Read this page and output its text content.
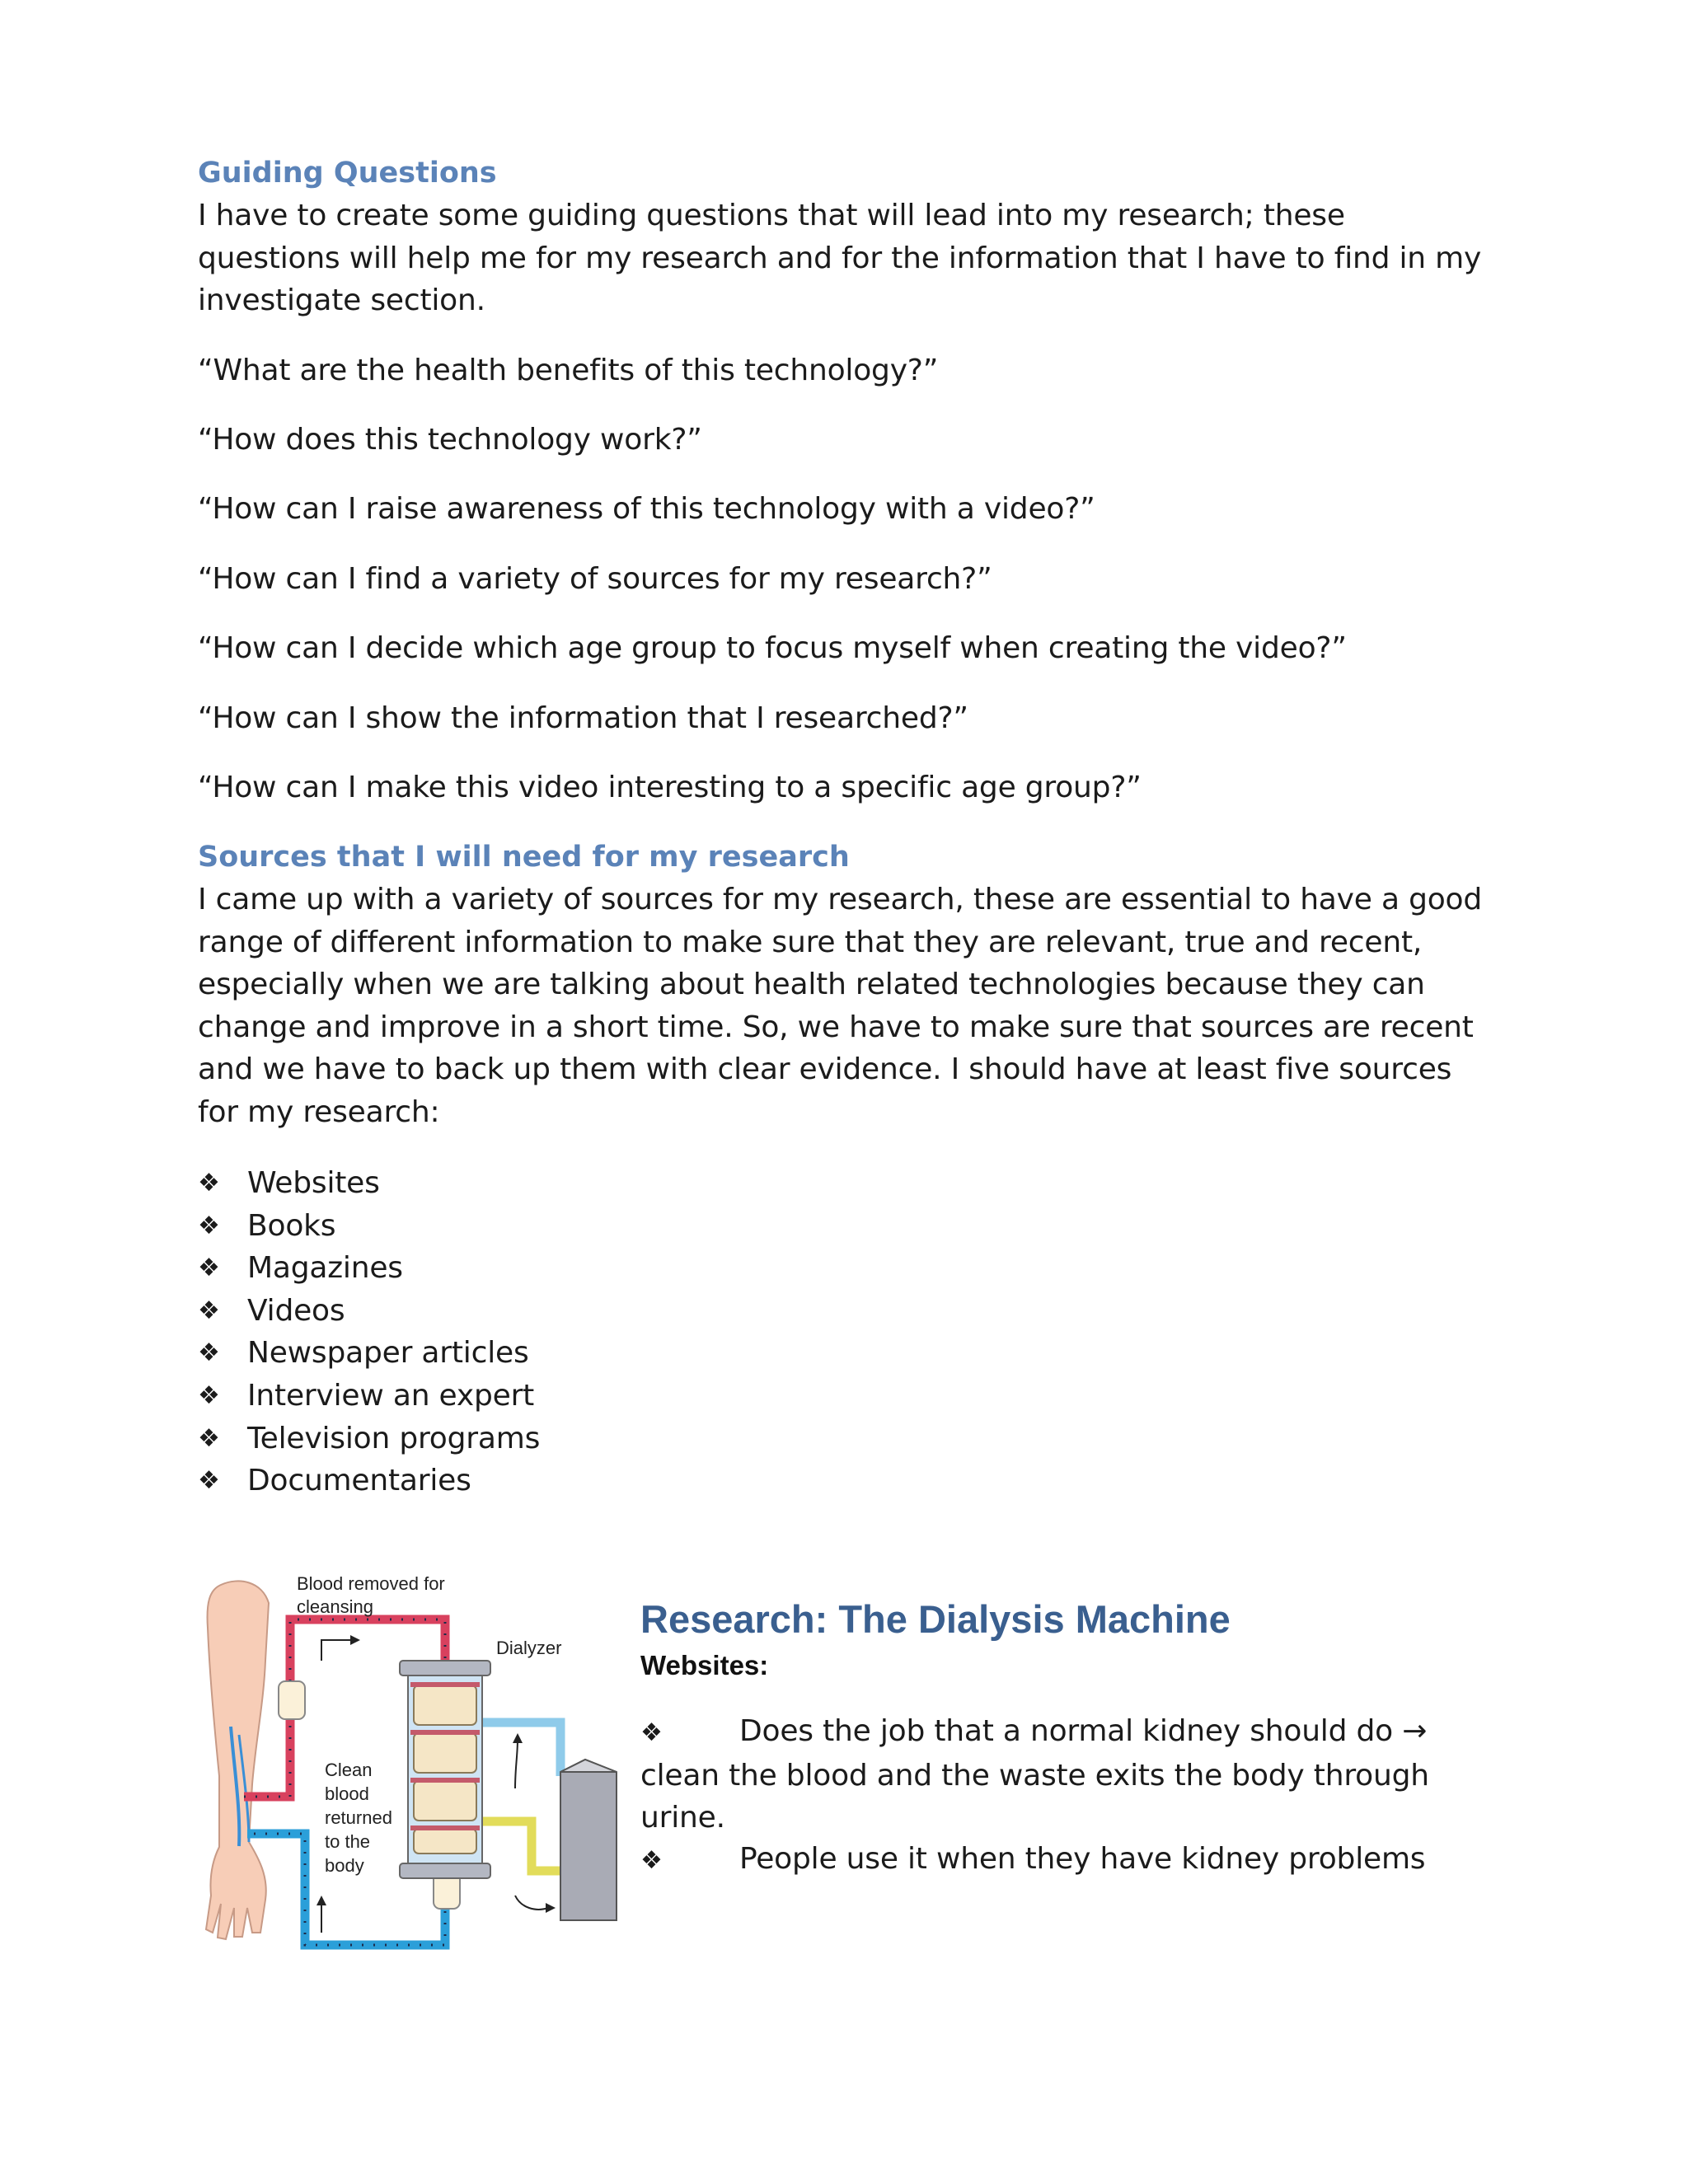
Guiding Questions

I have to create some guiding questions that will lead into my research; these questions will help me for my research and for the information that I have to find in my investigate section.

“What are the health benefits of this technology?”

“How does this technology work?”

“How can I raise awareness of this technology with a video?”

“How can I find a variety of sources for my research?”

“How can I decide which age group to focus myself when creating the video?”

“How can I show the information that I researched?”

“How can I make this video interesting to a specific age group?”

Sources that I will need for my research

I came up with a variety of sources for my research, these are essential to have a good range of different information to make sure that they are relevant, true and recent, especially when we are talking about health related technologies because they can change and improve in a short time. So, we have to make sure that sources are recent and we have to back up them with clear evidence. I should have at least five sources for my research:

❖ Websites
❖ Books
❖ Magazines
❖ Videos
❖ Newspaper articles
❖ Interview an expert
❖ Television programs
❖ Documentaries
Blood removed for
cleansing
Dialyzer
Clean
blood
returned
to the
body
Research: The Dialysis Machine
Websites:

❖	Does the job that a normal kidney should do → clean the blood and the waste exits the body through urine.

❖	People use it when they have kidney problems
